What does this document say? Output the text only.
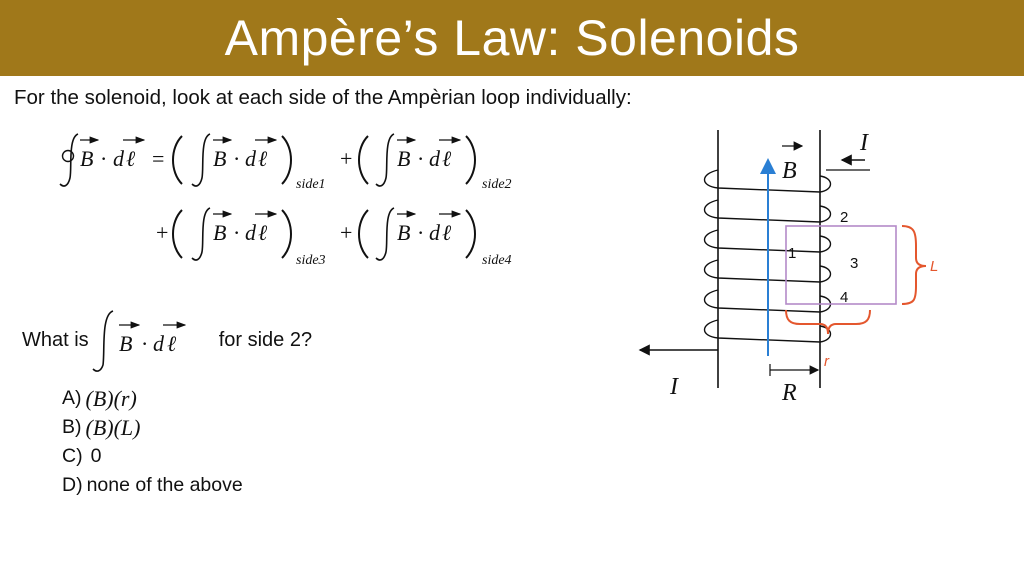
Ampère’s Law: Solenoids
For the solenoid, look at each side of the Ampèrian loop individually:
B · d ℓ = B · d ℓ
side1
+ B · d ℓ
side2
+ B · d ℓ
side3
+ B · d ℓ
side4
What is B · d ℓ for side 2?
A) (B)(r)
B) (B)(L)
C) 0
D) none of the above
B
1
2
3
4
L
r
I
I
R
